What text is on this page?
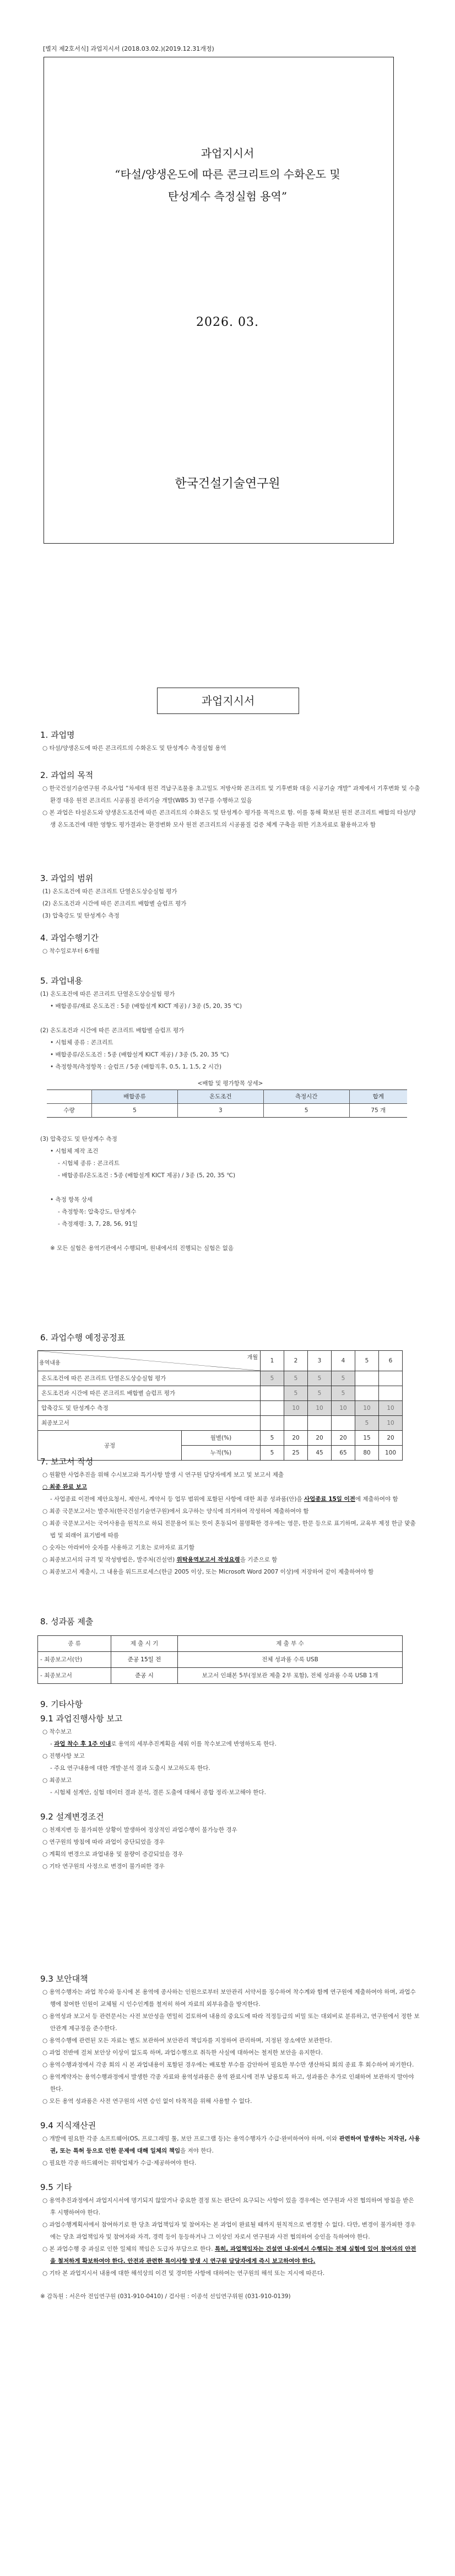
[별지 제2호서식] 과업지시서 (2018.03.02.)(2019.12.31개정)
과업지시서
“타설/양생온도에 따른 콘크리트의 수화온도 및
탄성계수 측정실험 용역”
2026. 03.
한국건설기술연구원
과업지시서
1. 과업명
○ 타설/양생온도에 따른 콘크리트의 수화온도 및 탄성계수 측정실험 용역
2. 과업의 목적
○ 한국건설기술연구원 주요사업 “차세대 원전 격납구조물용 초고밀도 저방사화 콘크리트 및 기후변화 대응 시공기술 개발” 과제에서 기후변화 및 수출환경 대응 원전 콘크리트 시공품질 관리기술 개발(WBS 3) 연구를 수행하고 있음
○ 본 과업은 타설온도와 양생온도조건에 따른 콘크리트의 수화온도 및 탄성계수 평가를 목적으로 함. 이를 통해 확보된 원전 콘크리트 배합의 타설/양생 온도조건에 대한 영향도 평가결과는 환경변화 모사 원전 콘크리트의 시공품질 검증 체계 구축을 위한 기초자료로 활용하고자 함
3. 과업의 범위
(1) 온도조건에 따른 콘크리트 단열온도상승실험 평가
(2) 온도조건과 시간에 따른 콘크리트 배합별 슬럼프 평가
(3) 압축강도 및 탄성계수 측정
4. 과업수행기간
○ 착수일로부터 6개월
5. 과업내용
(1) 온도조건에 따른 콘크리트 단열온도상승실험 평가
• 배합종류/재료 온도조건 : 5종 (배합설계 KICT 제공) / 3종 (5, 20, 35 ℃)
(2) 온도조건과 시간에 따른 콘크리트 배합별 슬럼프 평가
• 시험체 종류 : 콘크리트
• 배합종류/온도조건 : 5종 (배합설계 KICT 제공) / 3종 (5, 20, 35 ℃)
• 측정항목/측정항목 : 슬럼프 / 5종 (배합직후, 0.5, 1, 1.5, 2 시간)
<배합 및 평가항목 상세>
	배합종류	온도조건	측정시간	합계
수량	5	3	5	75 개
(3) 압축강도 및 탄성계수 측정
• 시험체 제작 조건
- 시험체 종류 : 콘크리트
- 배합종류/온도조건 : 5종 (배합설계 KICT 제공) / 3종 (5, 20, 35 ℃)
• 측정 항목 상세
- 측정항목: 압축강도, 탄성계수
- 측정재령: 3, 7, 28, 56, 91일
※ 모든 실험은 용역기관에서 수행되며, 원내에서의 진행되는 실험은 없음
6. 과업수행 예정공정표
개월
용역내용		1	2	3	4	5	6
온도조건에 따른 콘크리트 단열온도상승실험 평가		5	5	5	5		
온도조건과 시간에 따른 콘크리트 배합별 슬럼프 평가			5	5	5		
압축강도 및 탄성계수 측정			10	10	10	10	10
최종보고서						5	10
공정	월별(%)	5	20	20	20	15	20
	누적(%)	5	25	45	65	80	100
7. 보고서 작성
○ 원활한 사업추진을 위해 수시보고와 특기사항 발생 시 연구원 담당자에게 보고 및 보고서 제출
○ 최종 완료 보고
- 사업종료 이전에 제안요청서, 제안서, 계약서 등 업무 범위에 포함된 사항에 대한 최종 성과품(안)을 사업종료 15일 이전에 제출하여야 함
○ 최종 국문보고서는 발주처(한국건설기술연구원)에서 요구하는 양식에 의거하여 작성하여 제출하여야 함
○ 최종 국문보고서는 국어사용을 원칙으로 하되 전문용어 또는 뜻이 혼동되어 불명확한 경우에는 영문, 한문 등으로 표기하며, 교육부 제정 한글 맞춤법 및 외래어 표기법에 따름
○ 숫자는 아라비아 숫자를 사용하고 기호는 로마자로 표기함
○ 최종보고서의 규격 및 작성방법은, 발주처(건설연) 위탁용역보고서 작성요령을 기준으로 함
○ 최종보고서 제출시, 그 내용을 워드프로세스(한글 2005 이상, 또는 Microsoft Word 2007 이상)에 저장하여 같이 제출하여야 함
8. 성과품 제출
종 류	제 출 시 기	제 출 부 수
- 최종보고서(안)	준공 15일 전	전체 성과품 수록 USB
- 최종보고서	준공 시	보고서 인쇄본 5부(정보관 제출 2부 포함), 전체 성과품 수록 USB 1개
9. 기타사항
9.1 과업진행사항 보고
○ 착수보고
- 과업 착수 후 1주 이내로 용역의 세부추진계획을 세워 이를 착수보고에 반영하도록 한다.
○ 진행사항 보고
- 주요 연구내용에 대한 개발·분석 결과 도출시 보고하도록 한다.
○ 최종보고
- 시험체 설계안, 실험 데이터 결과 분석, 결론 도출에 대해서 종합 정리·보고해야 한다.
9.2 설계변경조건
○ 천재지변 등 불가피한 상황이 발생하여 정상적인 과업수행이 불가능한 경우
○ 연구원의 방침에 따라 과업이 중단되었을 경우
○ 계획의 변경으로 과업내용 및 물량이 증감되었을 경우
○ 기타 연구원의 사정으로 변경이 불가피한 경우
9.3 보안대책
○ 용역수행자는 과업 착수와 동시에 본 용역에 종사하는 인원으로부터 보안관리 서약서를 징수하여 착수계와 함께 연구원에 제출하여야 하며, 과업수행에 참여한 인원이 교체될 시 인수인계를 철저히 하여 자료의 외부유출을 방지한다.
○ 용역성과 보고서 등 관련문서는 사전 보안성을 면밀히 검토하여 내용의 중요도에 따라 적정등급의 비밀 또는 대외비로 분류하고, 연구원에서 정한 보안관계 제규정을 준수한다.
○ 용역수행에 관련된 모든 자료는 별도 보관하여 보안관리 책임자를 지정하여 관리하며, 지정된 장소에만 보관한다.
○ 과업 전반에 걸쳐 보안상 이상이 없도록 하며, 과업수행으로 취득한 사실에 대하여는 철저한 보안을 유지한다.
○ 용역수행과정에서 각종 회의 시 본 과업내용이 포함된 경우에는 배포할 부수를 감안하여 필요한 부수만 생산하되 회의 종료 후 회수하여 파기한다.
○ 용역계약자는 용역수행과정에서 발생한 각종 자료와 용역성과품은 용역 완료시에 전부 납품토록 하고, 성과품은 추가로 인쇄하여 보관하지 말아야 한다.
○ 모든 용역 성과품은 사전 연구원의 서면 승인 없이 타목적을 위해 사용할 수 없다.
9.4 지식재산권
○ 개발에 필요한 각종 소프트웨어(OS, 프로그래밍 툴, 보안 프로그램 등)는 용역수행자가 수급·완비하여야 하며, 이와 관련하여 발생하는 저작권, 사용권, 또는 특허 등으로 인한 문제에 대해 일체의 책임을 져야 한다.
○ 필요한 각종 하드웨어는 위탁업체가 수급·제공하여야 한다.
9.5 기타
○ 용역추진과정에서 과업지시서에 명기되지 않았거나 중요한 결정 또는 판단이 요구되는 사항이 있을 경우에는 연구원과 사전 협의하여 방침을 받은 후 시행하여야 한다.
○ 과업수행계획서에서 참여하기로 한 당초 과업책임자 및 참여자는 본 과업이 완료될 때까지 원칙적으로 변경할 수 없다. 다만, 변경이 불가피한 경우에는 당초 과업책임자 및 참여자와 자격, 경력 등이 동등하거나 그 이상인 자로서 연구원과 사전 협의하여 승인을 득하여야 한다.
○ 본 과업수행 중 과실로 인한 일체의 책임은 도급자 부담으로 한다. 특히, 과업책임자는 건설연 내·외에서 수행되는 전체 실험에 있어 참여자의 안전을 철저하게 확보하여야 한다. 안전과 관련한 특이사항 발생 시 연구원 담당자에게 즉시 보고하여야 한다.
○ 기타 본 과업지시서 내용에 대한 해석상의 이견 및 경미한 사항에 대하여는 연구원의 해석 또는 지시에 따른다.
※ 감독원 : 서은아 전임연구원 (031-910-0410) / 검사원 : 이종석 선임연구위원 (031-910-0139)
